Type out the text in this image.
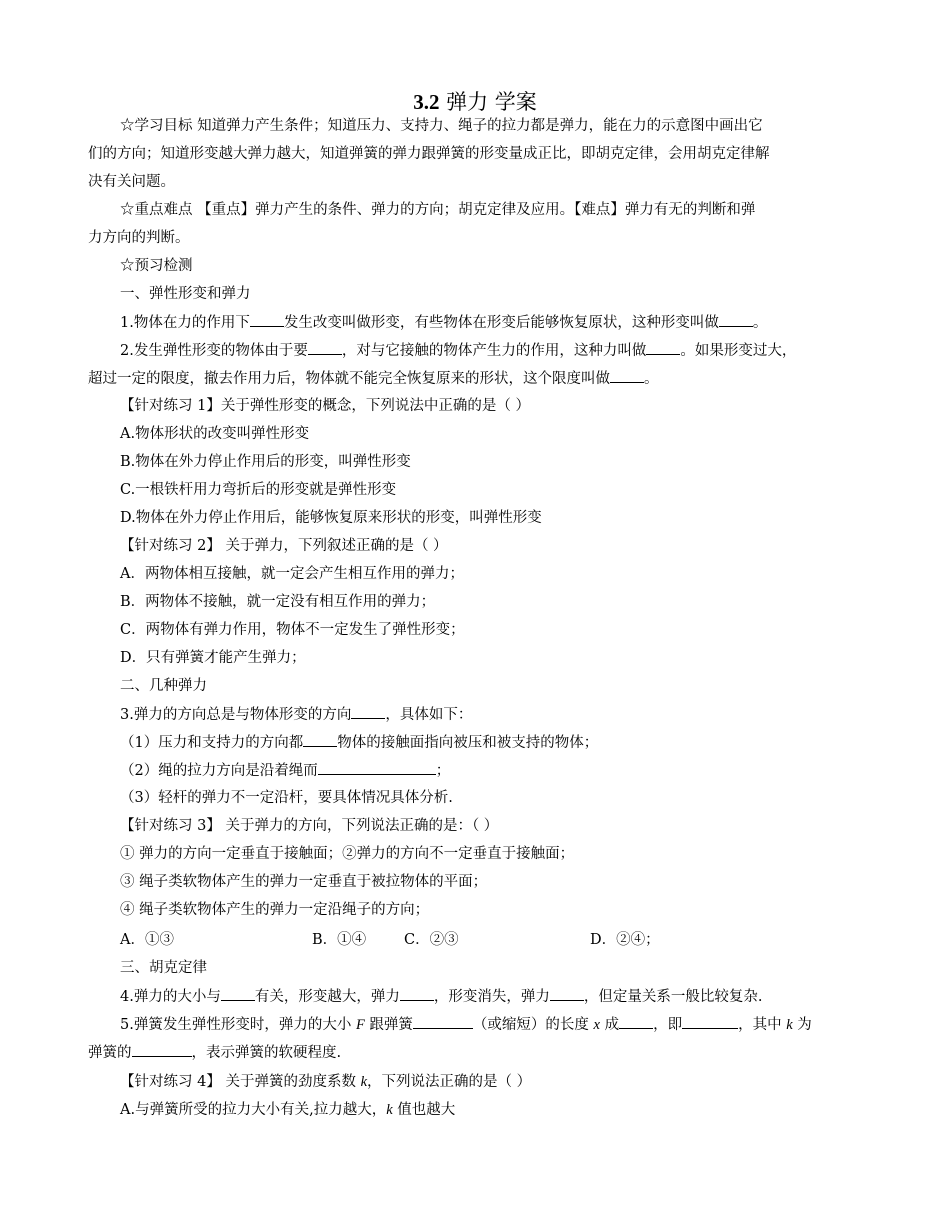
3.2 弹力 学案
☆学习目标 知道弹力产生条件；知道压力、支持力、绳子的拉力都是弹力，能在力的示意图中画出它
们的方向；知道形变越大弹力越大，知道弹簧的弹力跟弹簧的形变量成正比，即胡克定律，会用胡克定律解
决有关问题。
☆重点难点 【重点】弹力产生的条件、弹力的方向；胡克定律及应用。【难点】弹力有无的判断和弹
力方向的判断。
☆预习检测
一、弹性形变和弹力
1.物体在力的作用下 发生改变叫做形变，有些物体在形变后能够恢复原状，这种形变叫做 。
2.发生弹性形变的物体由于要 ，对与它接触的物体产生力的作用，这种力叫做 。如果形变过大，
超过一定的限度，撤去作用力后，物体就不能完全恢复原来的形状，这个限度叫做 。
【针对练习 1】关于弹性形变的概念，下列说法中正确的是（ ）
A.物体形状的改变叫弹性形变
B.物体在外力停止作用后的形变，叫弹性形变
C.一根铁杆用力弯折后的形变就是弹性形变
D.物体在外力停止作用后，能够恢复原来形状的形变，叫弹性形变
【针对练习 2】 关于弹力，下列叙述正确的是（ ）
A．两物体相互接触，就一定会产生相互作用的弹力；
B．两物体不接触，就一定没有相互作用的弹力；
C．两物体有弹力作用，物体不一定发生了弹性形变；
D．只有弹簧才能产生弹力；
二、几种弹力
3.弹力的方向总是与物体形变的方向 ，具体如下：
（1）压力和支持力的方向都 物体的接触面指向被压和被支持的物体；
（2）绳的拉力方向是沿着绳而	；
（3）轻杆的弹力不一定沿杆，要具体情况具体分析.
【针对练习 3】 关于弹力的方向，下列说法正确的是：（ ）
① 弹力的方向一定垂直于接触面；②弹力的方向不一定垂直于接触面；
③ 绳子类软物体产生的弹力一定垂直于被拉物体的平面；
④ 绳子类软物体产生的弹力一定沿绳子的方向；
A．①③	B．①④	C．②③	D．②④；
三、胡克定律
4.弹力的大小与 有关，形变越大，弹力 ，形变消失，弹力 ，但定量关系一般比较复杂.
5.弹簧发生弹性形变时，弹力的大小 F 跟弹簧	（或缩短）的长度 x 成 ，即	，其中 k 为
弹簧的	，表示弹簧的软硬程度.
【针对练习 4】 关于弹簧的劲度系数 k，下列说法正确的是（ ）
A.与弹簧所受的拉力大小有关,拉力越大，k 值也越大
